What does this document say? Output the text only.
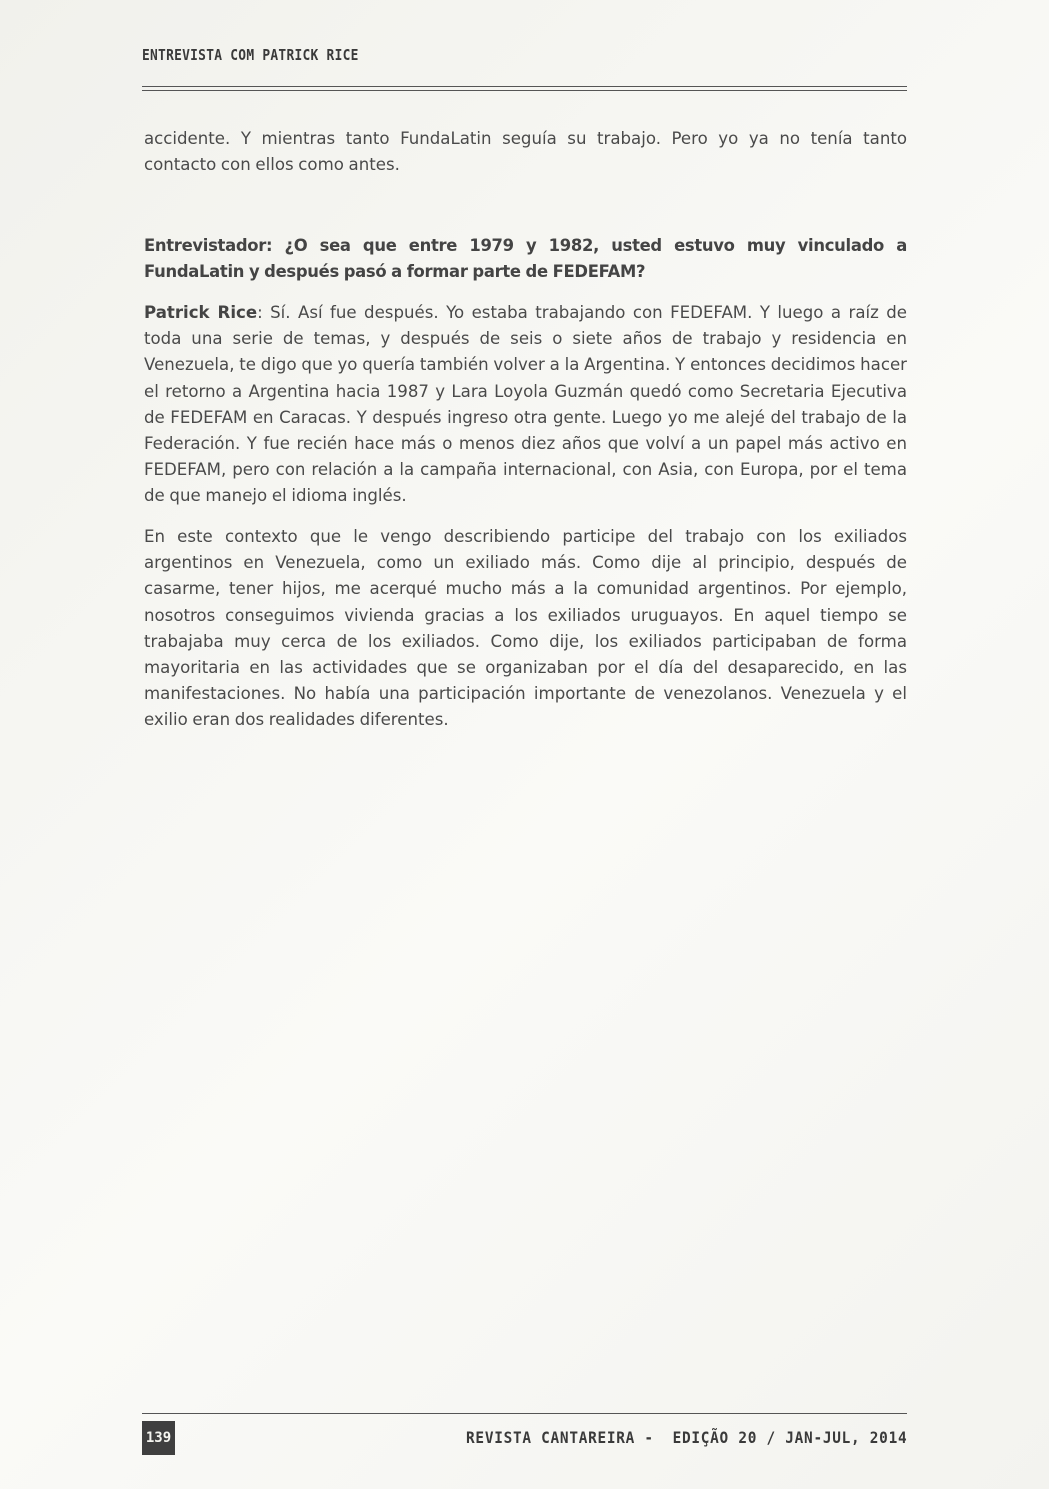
ENTREVISTA COM PATRICK RICE

accidente. Y mientras tanto FundaLatin seguía su trabajo. Pero yo ya no tenía tanto contacto con ellos como antes.

Entrevistador: ¿O sea que entre 1979 y 1982, usted estuvo muy vinculado a FundaLatin y después pasó a formar parte de FEDEFAM?

Patrick Rice: Sí. Así fue después. Yo estaba trabajando con FEDEFAM. Y luego a raíz de toda una serie de temas, y después de seis o siete años de trabajo y residencia en Venezuela, te digo que yo quería también volver a la Argentina. Y entonces decidimos hacer el retorno a Argentina hacia 1987 y Lara Loyola Guzmán quedó como Secretaria Ejecutiva de FEDEFAM en Caracas. Y después ingreso otra gente. Luego yo me alejé del trabajo de la Federación. Y fue recién hace más o menos diez años que volví a un papel más activo en FEDEFAM, pero con relación a la campaña internacional, con Asia, con Europa, por el tema de que manejo el idioma inglés.

En este contexto que le vengo describiendo participe del trabajo con los exiliados argentinos en Venezuela, como un exiliado más. Como dije al principio, después de casarme, tener hijos, me acerqué mucho más a la comunidad argentinos. Por ejemplo, nosotros conseguimos vivienda gracias a los exiliados uruguayos. En aquel tiempo se trabajaba muy cerca de los exiliados. Como dije, los exiliados participaban de forma mayoritaria en las actividades que se organizaban por el día del desaparecido, en las manifestaciones. No había una participación importante de venezolanos. Venezuela y el exilio eran dos realidades diferentes.

139	REVISTA CANTAREIRA -  EDIÇÃO 20 / JAN-JUL, 2014
